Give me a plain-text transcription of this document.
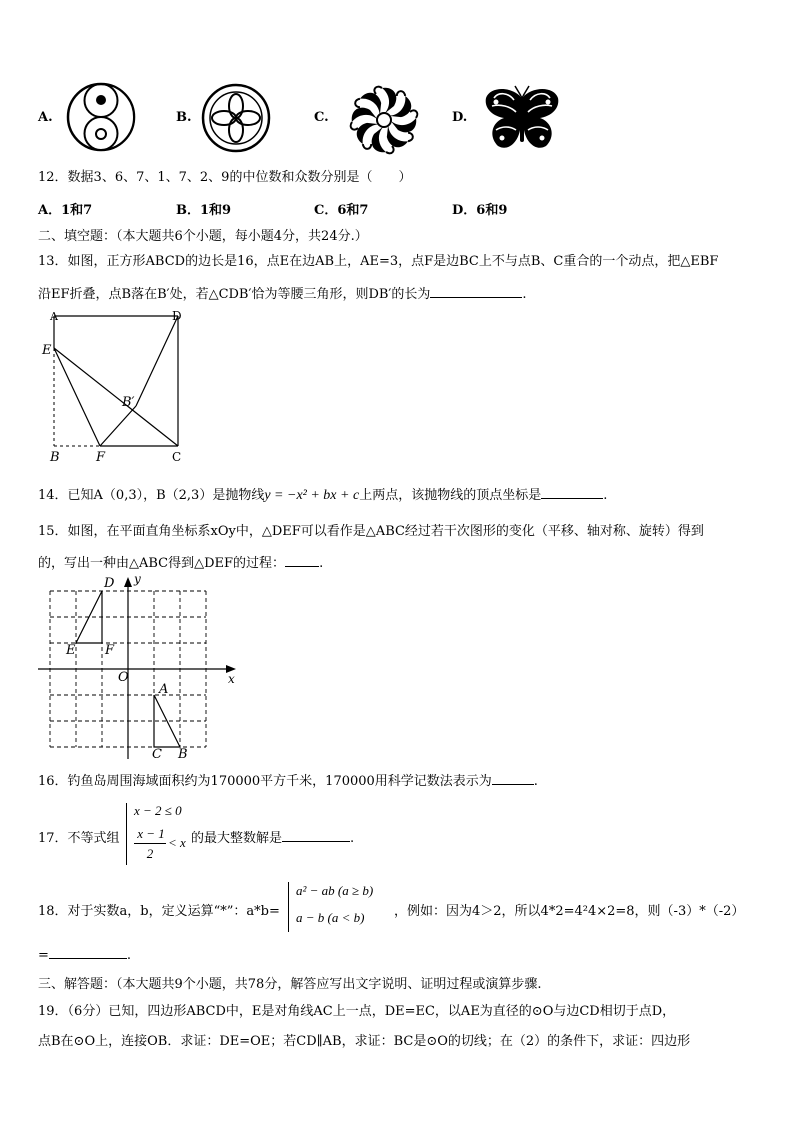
A.	B.	C.	D.
12．数据3、6、7、1、7、2、9的中位数和众数分别是（　　）
A．1和7	B．1和9	C．6和7	D．6和9
二、填空题：（本大题共6个小题，每小题4分，共24分.）
13．如图，正方形ABCD的边长是16，点E在边AB上，AE=3，点F是边BC上不与点B、C重合的一个动点，把△EBF
沿EF折叠，点B落在B′处，若△CDB′恰为等腰三角形，则DB′的长为	.
A	D
E
B′
B	F	C
14．已知A（0,3），B（2,3）是抛物线y = −x² + bx + c上两点，该抛物线的顶点坐标是	.
15．如图，在平面直角坐标系xOy中，△DEF可以看作是△ABC经过若干次图形的变化（平移、轴对称、旋转）得到
的，写出一种由△ABC得到△DEF的过程：	.
D y
E F
O	x
A
C B
16．钓鱼岛周围海域面积约为170000平方千米，170000用科学记数法表示为	.
17．不等式组
x − 2 ≤ 0
x − 1
2
< x 的最大整数解是	.
18．对于实数a，b，定义运算“*”：a*b=
a² − ab (a ≥ b)
a − b (a < b) ，例如：因为4＞2，所以4*2=4²4×2=8，则（-3）*（-2）
=	.
三、解答题：（本大题共9个小题，共78分，解答应写出文字说明、证明过程或演算步骤.
19．（6分）已知，四边形ABCD中，E是对角线AC上一点，DE=EC，以AE为直径的⊙O与边CD相切于点D，
点B在⊙O上，连接OB．求证：DE=OE；若CD∥AB，求证：BC是⊙O的切线；在（2）的条件下，求证：四边形
